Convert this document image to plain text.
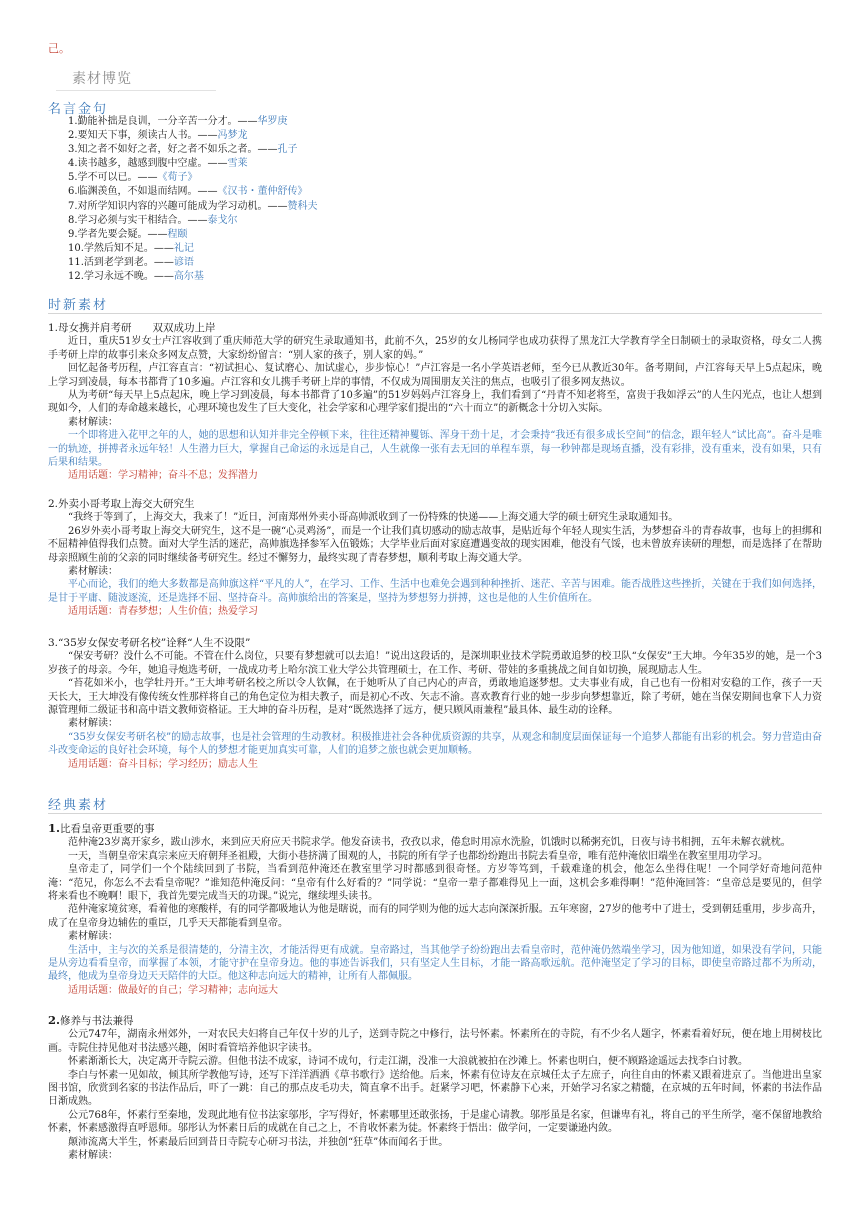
己。
素材博览
名言金句
1.勤能补拙是良训，一分辛苦一分才。——华罗庚
2.要知天下事，须读古人书。——冯梦龙
3.知之者不如好之者，好之者不如乐之者。——孔子
4.读书越多，越感到腹中空虚。——雪莱
5.学不可以已。——《荀子》
6.临渊羡鱼，不如退而结网。——《汉书・董仲舒传》
7.对所学知识内容的兴趣可能成为学习动机。——赞科夫
8.学习必须与实干相结合。——泰戈尔
9.学者先要会疑。——程颐
10.学然后知不足。——礼记
11.活到老学到老。——谚语
12.学习永远不晚。——高尔基
时新素材

1.母女携并肩考研　　双双成功上岸

近日，重庆51岁女士卢江容收到了重庆师范大学的研究生录取通知书，此前不久，25岁的女儿杨同学也成功获得了黑龙江大学教育学全日制硕士的录取资格，母女二人携手考研上岸的故事引来众多网友点赞，大家纷纷留言：“别人家的孩子，别人家的妈。”

回忆起备考历程，卢江容直言：“初试担心、复试磨心、加试虚心，步步惊心！”卢江容是一名小学英语老师，至今已从教近30年。备考期间，卢江容每天早上5点起床，晚上学习到凌晨，每本书都背了10多遍。卢江容和女儿携手考研上岸的事情，不仅成为周围朋友关注的焦点，也吸引了很多网友热议。

从为考研“每天早上5点起床，晚上学习到凌晨，每本书都背了10多遍”的51岁妈妈卢江容身上，我们看到了“丹青不知老将至，富贵于我如浮云”的人生闪光点，也让人想到现如今，人们的寿命越来越长，心理环境也发生了巨大变化，社会学家和心理学家们提出的“六十而立”的新概念十分切入实际。

素材解读：

一个即将进入花甲之年的人，她的思想和认知并非完全停顿下来，往往还精神矍铄、浑身干劲十足，才会秉持“我还有很多成长空间”的信念，跟年轻人“试比高”。奋斗是唯一的轨迹，拼搏者永远年轻！人生潜力巨大，掌握自己命运的永远是自己，人生就像一张有去无回的单程车票，每一秒钟都是现场直播，没有彩排，没有重来，没有如果，只有后果和结果。

适用话题：学习精神；奋斗不息；发挥潜力

2.外卖小哥考取上海交大研究生

“我终于等到了，上海交大，我来了！”近日，河南郑州外卖小哥高帅派收到了一份特殊的快递——上海交通大学的硕士研究生录取通知书。

26岁外卖小哥考取上海交大研究生，这不是一碗“心灵鸡汤”，而是一个让我们真切感动的励志故事，是贴近每个年轻人现实生活，为梦想奋斗的青春故事，也每上的担绑和不屈精神值得我们点赞。面对大学生活的迷茫，高帅旗选择参军入伍锻炼；大学毕业后面对家庭遭遇变故的现实困难，他没有气馁，也未曾放弃读研的理想，而是选择了在帮助母亲照顾生前的父亲的同时继续备考研究生。经过不懈努力，最终实现了青春梦想，顺利考取上海交通大学。

素材解读：

平心而论，我们的绝大多数都是高帅旗这样“平凡的人”，在学习、工作、生活中也难免会遇到种种挫折、迷茫、辛苦与困难。能否战胜这些挫折，关键在于我们如何选择，是甘于平庸、随波逐流，还是选择不屈、坚持奋斗。高帅旗给出的答案是，坚持为梦想努力拼搏，这也是他的人生价值所在。

适用话题：青春梦想；人生价值；热爱学习

3.“35岁女保安考研名校”诠释“人生不设限”

“保安考研？没什么不可能。不管在什么岗位，只要有梦想就可以去追！”说出这段话的，是深圳职业技术学院勇敢追梦的校卫队“女保安”王大坤。今年35岁的她，是一个3岁孩子的母亲。今年，她追寻炮选考研，一战成功考上哈尔滨工业大学公共管理硕士，在工作、考研、带娃的多重挑战之间自如切换，展现励志人生。

“苔花如米小，也学牡丹开。”王大坤考研名校之所以令人钦佩，在于她听从了自己内心的声音，勇敢地追逐梦想。丈夫事业有成，自己也有一份相对安稳的工作，孩子一天天长大，王大坤没有像传统女性那样将自己的角色定位为相夫教子，而是初心不改、矢志不渝。喜欢教育行业的她一步步向梦想靠近，除了考研，她在当保安期间也拿下人力资源管理师二级证书和高中语文教师资格证。王大坤的奋斗历程，是对“既然选择了远方，便只顾风雨兼程”最具体、最生动的诠释。

素材解读：

“35岁女保安考研名校”的励志故事，也是社会管理的生动教材。积极推进社会各种优质资源的共享，从观念和制度层面保证每一个追梦人都能有出彩的机会。努力营造由奋斗改变命运的良好社会环境，每个人的梦想才能更加真实可靠，人们的追梦之旅也就会更加顺畅。

适用话题：奋斗目标；学习经历；励志人生

经典素材

1.比看皇帝更重要的事

范仲淹23岁离开家乡，跋山涉水，来到应天府应天书院求学。他发奋读书，孜孜以求，倦怠时用凉水洗脸，饥饿时以稀粥充饥，日夜与诗书相拥，五年未解衣就枕。

一天，当朝皇帝宋真宗来应天府朝拜圣祖殿，大街小巷挤满了围观的人，书院的所有学子也都纷纷跑出书院去看皇帝，唯有范仲淹依旧端坐在教室里用功学习。

皇帝走了，同学们一个个陆续回到了书院，当看到范仲淹还在教室里学习时都感到很奇怪。方岁等笃到，千载难逢的机会，他怎么坐得住呢！一个同学好奇地问范仲淹：“范兄，你怎么不去看皇帝呢？”谁知范仲淹反问：“皇帝有什么好看的？”同学说：“皇帝一辈子都难得见上一面，这机会多难得啊！”范仲淹回答：“皇帝总是要见的，但学将来看也不晚啊！眼下，我首先要完成当天的功课。”说完，继续埋头读书。

范仲淹家境贫寒，看着他的寒酸样，有的同学都吸地认为他是瞎说，而有的同学则为他的远大志向深深折服。五年寒窗，27岁的他考中了进士，受到朝廷重用，步步高升，成了在皇帝身边辅佐的重臣，几乎天天都能看到皇帝。

素材解读：

生活中，主与次的关系是很清楚的，分清主次，才能活得更有成就。皇帝路过，当其他学子纷纷跑出去看皇帝时，范仲淹仍然端坐学习，因为他知道，如果没有学问，只能是从旁边看看皇帝，而掌握了本领，才能守护在皇帝身边。他的事迹告诉我们，只有坚定人生目标，才能一路高歌远航。范仲淹坚定了学习的目标，即使皇帝路过都不为所动，最终，他成为皇帝身边天天陪伴的大臣。他这种志向远大的精神，让所有人都佩服。

适用话题：做最好的自己；学习精神；志向远大

2.修养与书法兼得

公元747年，湖南永州郊外，一对农民夫妇将自己年仅十岁的儿子，送到寺院之中修行，法号怀素。怀素所在的寺院，有不少名人题字，怀素看着好玩，便在地上用树枝比画。寺院住持见他对书法感兴趣，闲时看管培养他识字读书。

怀素渐渐长大，决定离开寺院云游。但他书法不成家，诗词不成句，行走江湖，没准一大浪就被拍在沙滩上。怀素也明白，便不顾路途遥远去找李白讨教。

李白与怀素一见如故，倾其所学教他写诗，还写下洋洋洒洒《草书歌行》送给他。后来，怀素有位诗友在京城任太子左庶子，向往自由的怀素又跟着进京了。当他进出皇家图书馆，欣赏到名家的书法作品后，吓了一跳：自己的那点皮毛功夫，简直拿不出手。赶紧学习吧，怀素静下心来，开始学习名家之精髓，在京城的五年时间，怀素的书法作品日渐成熟。

公元768年，怀素行至秦地，发现此地有位书法家邬彤，字写得好，怀素哪里还敢张扬，于是虚心请教。邬彤虽是名家，但谦卑有礼，将自己的平生所学，毫不保留地教给怀素，怀素感激得直呼恩师。邬彤认为怀素日后的成就在自己之上，不肯收怀素为徒。怀素终于悟出：做学问，一定要谦逊内敛。

颠沛流离大半生，怀素最后回到昔日寺院专心研习书法，并独创“狂草”体而闻名于世。

素材解读：
